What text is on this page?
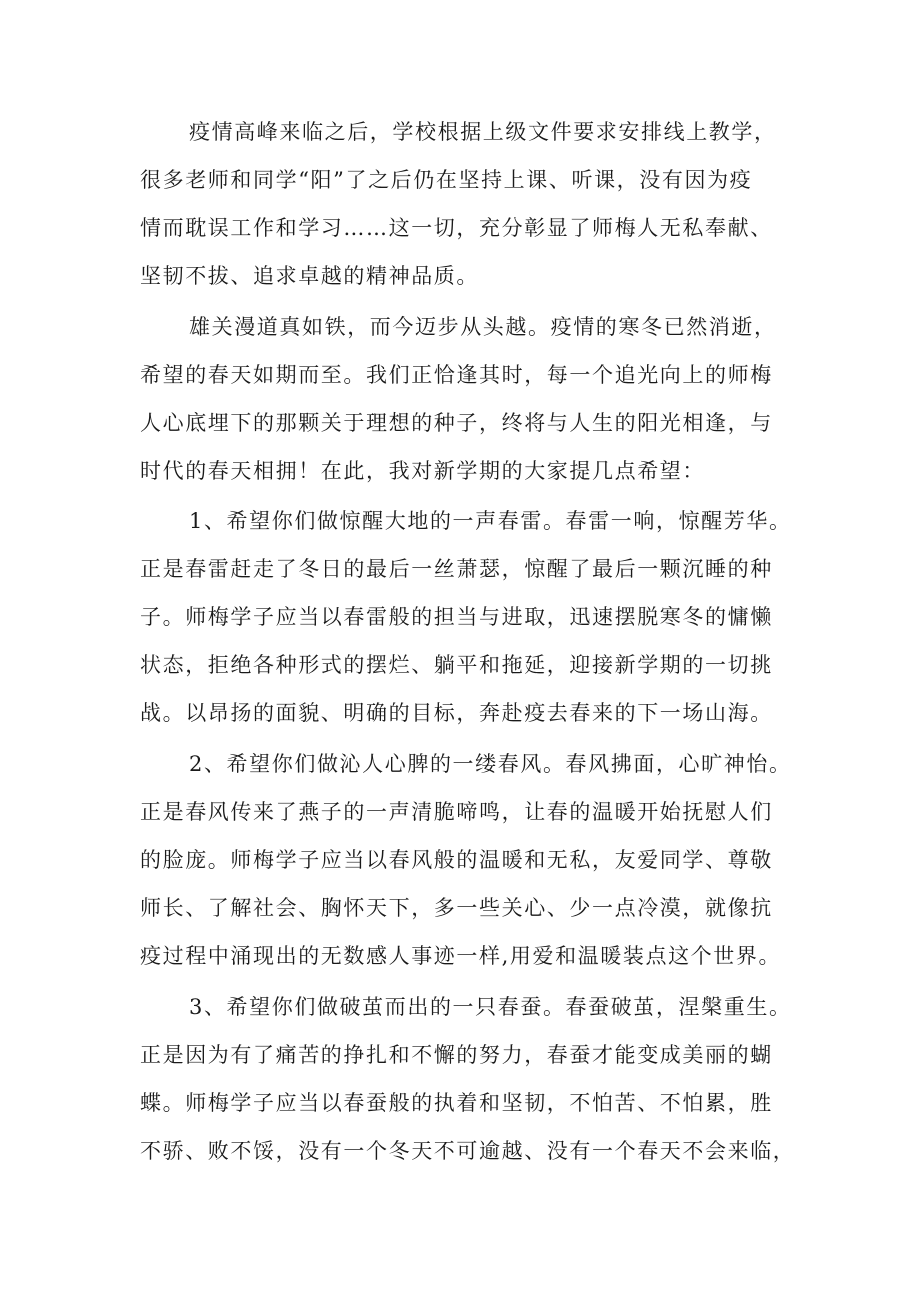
疫情高峰来临之后，学校根据上级文件要求安排线上教学，
很多老师和同学“阳”了之后仍在坚持上课、听课，没有因为疫
情而耽误工作和学习……这一切，充分彰显了师梅人无私奉献、
坚韧不拔、追求卓越的精神品质。
雄关漫道真如铁，而今迈步从头越。疫情的寒冬已然消逝，
希望的春天如期而至。我们正恰逢其时，每一个追光向上的师梅
人心底埋下的那颗关于理想的种子，终将与人生的阳光相逢，与
时代的春天相拥！在此，我对新学期的大家提几点希望：
1、希望你们做惊醒大地的一声春雷。春雷一响，惊醒芳华。
正是春雷赶走了冬日的最后一丝萧瑟，惊醒了最后一颗沉睡的种
子。师梅学子应当以春雷般的担当与进取，迅速摆脱寒冬的慵懒
状态，拒绝各种形式的摆烂、躺平和拖延，迎接新学期的一切挑
战。以昂扬的面貌、明确的目标，奔赴疫去春来的下一场山海。
2、希望你们做沁人心脾的一缕春风。春风拂面，心旷神怡。
正是春风传来了燕子的一声清脆啼鸣，让春的温暖开始抚慰人们
的脸庞。师梅学子应当以春风般的温暖和无私，友爱同学、尊敬
师长、了解社会、胸怀天下，多一些关心、少一点冷漠，就像抗
疫过程中涌现出的无数感人事迹一样,用爱和温暖装点这个世界。
3、希望你们做破茧而出的一只春蚕。春蚕破茧，涅槃重生。
正是因为有了痛苦的挣扎和不懈的努力，春蚕才能变成美丽的蝴
蝶。师梅学子应当以春蚕般的执着和坚韧，不怕苦、不怕累，胜
不骄、败不馁，没有一个冬天不可逾越、没有一个春天不会来临，
